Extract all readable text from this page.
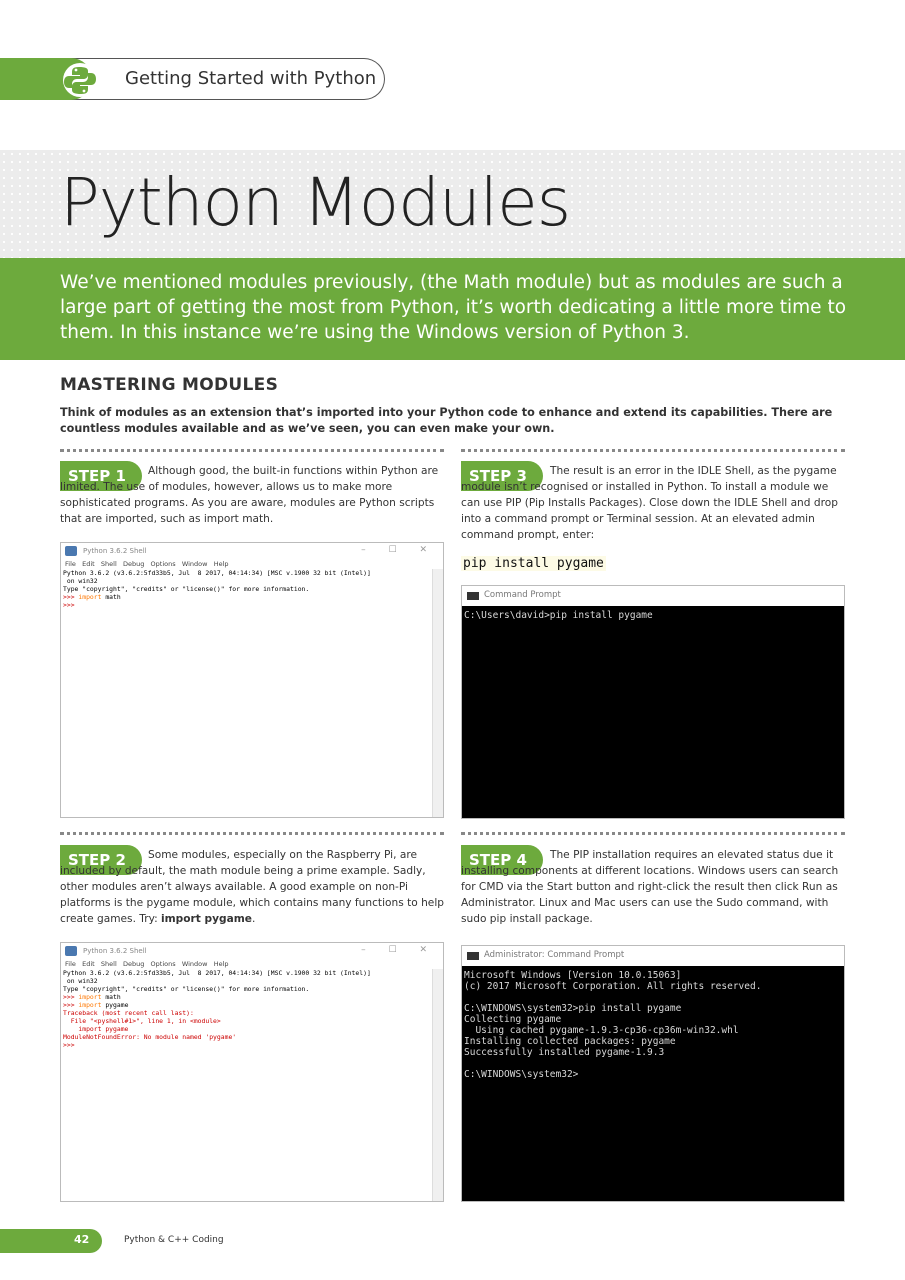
Getting Started with Python
Python Modules

We’ve mentioned modules previously, (the Math module) but as modules are such a large part of getting the most from Python, it’s worth dedicating a little more time to them. In this instance we’re using the Windows version of Python 3.

MASTERING MODULES

Think of modules as an extension that’s imported into your Python code to enhance and extend its capabilities. There are countless modules available and as we’ve seen, you can even make your own.

STEP 1	Although good, the built-in functions within Python are limited. The use of modules, however, allows us to make more sophisticated programs. As you are aware, modules are Python scripts that are imported, such as import math.

Python 3.6.2 Shell	– ☐ ✕
File Edit Shell Debug Options Window Help
Python 3.6.2 (v3.6.2:5fd33b5, Jul  8 2017, 04:14:34) [MSC v.1900 32 bit (Intel)]
on win32
Type "copyright", "credits" or "license()" for more information.
>>> import math
>>>
STEP 2	Some modules, especially on the Raspberry Pi, are included by default, the math module being a prime example. Sadly, other modules aren’t always available. A good example on non-Pi platforms is the pygame module, which contains many functions to help create games. Try: import pygame.

Python 3.6.2 Shell	– ☐ ✕
File Edit Shell Debug Options Window Help
Python 3.6.2 (v3.6.2:5fd33b5, Jul  8 2017, 04:14:34) [MSC v.1900 32 bit (Intel)]
on win32
Type "copyright", "credits" or "license()" for more information.
>>> import math
>>> import pygame
Traceback (most recent call last):
File "<pyshell#1>", line 1, in <module>
import pygame
ModuleNotFoundError: No module named 'pygame'
>>>
STEP 3	The result is an error in the IDLE Shell, as the pygame module isn’t recognised or installed in Python. To install a module we can use PIP (Pip Installs Packages). Close down the IDLE Shell and drop into a command prompt or Terminal session. At an elevated admin command prompt, enter:

pip install pygame
Command Prompt
C:\Users\david>pip install pygame
STEP 4	The PIP installation requires an elevated status due it installing components at different locations. Windows users can search for CMD via the Start button and right-click the result then click Run as Administrator. Linux and Mac users can use the Sudo command, with sudo pip install package.

Administrator: Command Prompt
Microsoft Windows [Version 10.0.15063]
(c) 2017 Microsoft Corporation. All rights reserved.

C:\WINDOWS\system32>pip install pygame
Collecting pygame
Using cached pygame-1.9.3-cp36-cp36m-win32.whl
Installing collected packages: pygame
Successfully installed pygame-1.9.3

C:\WINDOWS\system32>
42	Python & C++ Coding
